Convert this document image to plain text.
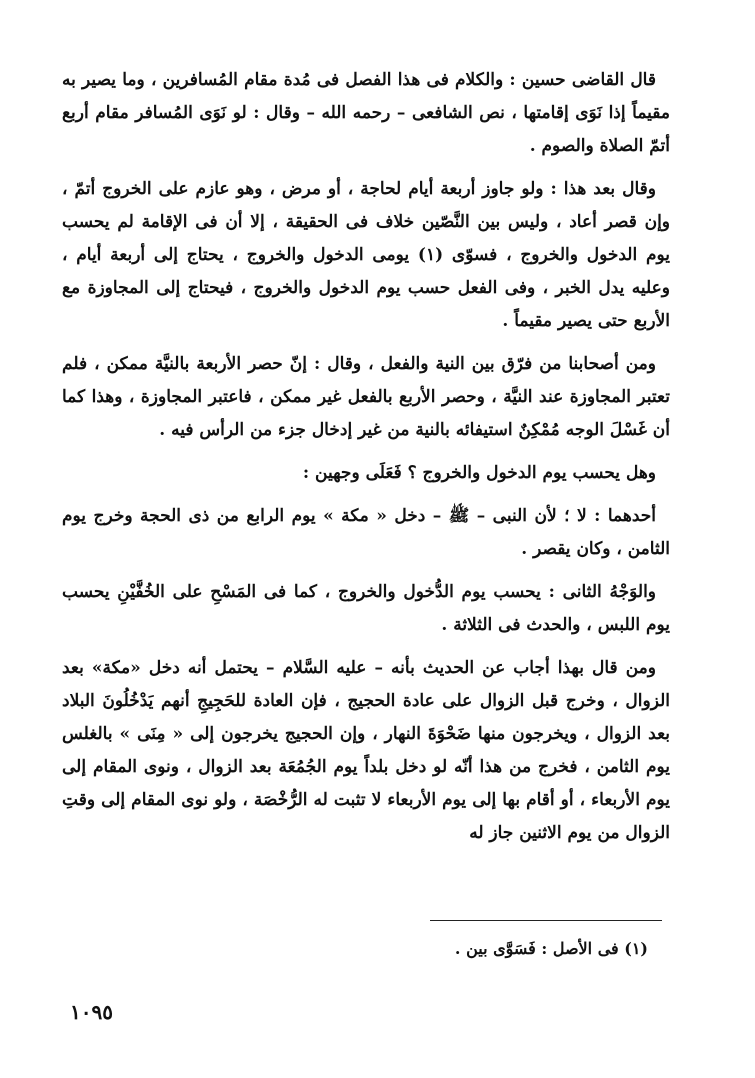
قال القاضى حسين : والكلام فى هذا الفصل فى مُدة مقام المُسافرين ، وما يصير به مقيماً إذا نَوَى إقامتها ، نص الشافعى – رحمه الله – وقال : لو نَوَى المُسافر مقام أربع أتمّ الصلاة والصوم .

وقال بعد هذا : ولو جاوز أربعة أيام لحاجة ، أو مرض ، وهو عازم على الخروج أتمّ ، وإن قصر أعاد ، وليس بين النَّصّين خلاف فى الحقيقة ، إلا أن فى الإقامة لم يحسب يوم الدخول والخروج ، فسوّى (١) يومى الدخول والخروج ، يحتاج إلى أربعة أيام ، وعليه يدل الخبر ، وفى الفعل حسب يوم الدخول والخروج ، فيحتاج إلى المجاوزة مع الأربع حتى يصير مقيماً .

ومن أصحابنا من فرّق بين النية والفعل ، وقال : إنّ حصر الأربعة بالنيَّة ممكن ، فلم تعتبر المجاوزة عند النيَّة ، وحصر الأربع بالفعل غير ممكن ، فاعتبر المجاوزة ، وهذا كما أن غَسْلَ الوجه مُمْكِنٌ استيفائه بالنية من غير إدخال جزء من الرأس فيه .

وهل يحسب يوم الدخول والخروج ؟ فَعَلَى وجهين :

أحدهما : لا ؛ لأن النبى – ﷺ – دخل « مكة » يوم الرابع من ذى الحجة وخرج يوم الثامن ، وكان يقصر .

والوَجْهُ الثانى : يحسب يوم الدُّخول والخروج ، كما فى المَسْحِ على الخُفَّيْنِ يحسب يوم اللبس ، والحدث فى الثلاثة .

ومن قال بهذا أجاب عن الحديث بأنه – عليه السَّلام – يحتمل أنه دخل «مكة» بعد الزوال ، وخرج قبل الزوال على عادة الحجيج ، فإن العادة للحَجِيجِ أنهم يَدْخُلُونَ البلاد بعد الزوال ، ويخرجون منها ضَحْوَةَ النهار ، وإن الحجيج يخرجون إلى « مِنَى » بالغلس يوم الثامن ، فخرج من هذا أنّه لو دخل بلداً يوم الجُمُعَة بعد الزوال ، ونوى المقام إلى يوم الأربعاء ، أو أقام بها إلى يوم الأربعاء لا تثبت له الرُّخْصَة ، ولو نوى المقام إلى وقتِ الزوال من يوم الاثنين جاز له

(١) فى الأصل : فَسَوَّى بين .
١٠٩٥
